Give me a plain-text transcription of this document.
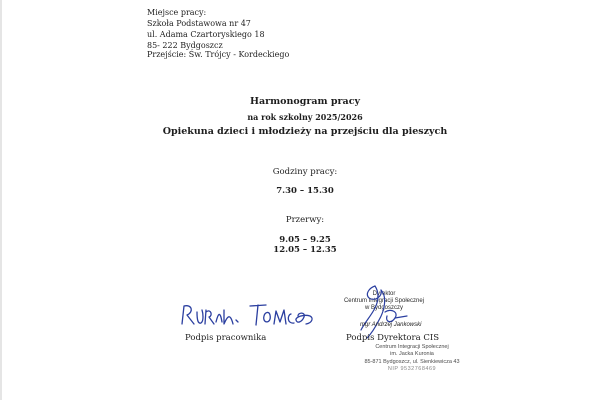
Miejsce pracy:
Szkoła Podstawowa nr 47
ul. Adama Czartoryskiego 18
85- 222 Bydgoszcz
Przejście: Św. Trójcy - Kordeckiego
Harmonogram pracy
na rok szkolny 2025/2026
Opiekuna dzieci i młodzieży na przejściu dla pieszych
Godziny pracy:
7.30 – 15.30
Przerwy:
9.05 – 9.25
12.05 – 12.35
Podpis pracownika
Dyrektor
Centrum Integracji Społecznej
w Bydgoszczy
mgr Andrzej Jankowski
Podpis Dyrektora CIS
Centrum Integracji Społecznej
im. Jacka Kuronia
85-871 Bydgoszcz, ul. Sienkiewicza 43
NIP 9532768469
